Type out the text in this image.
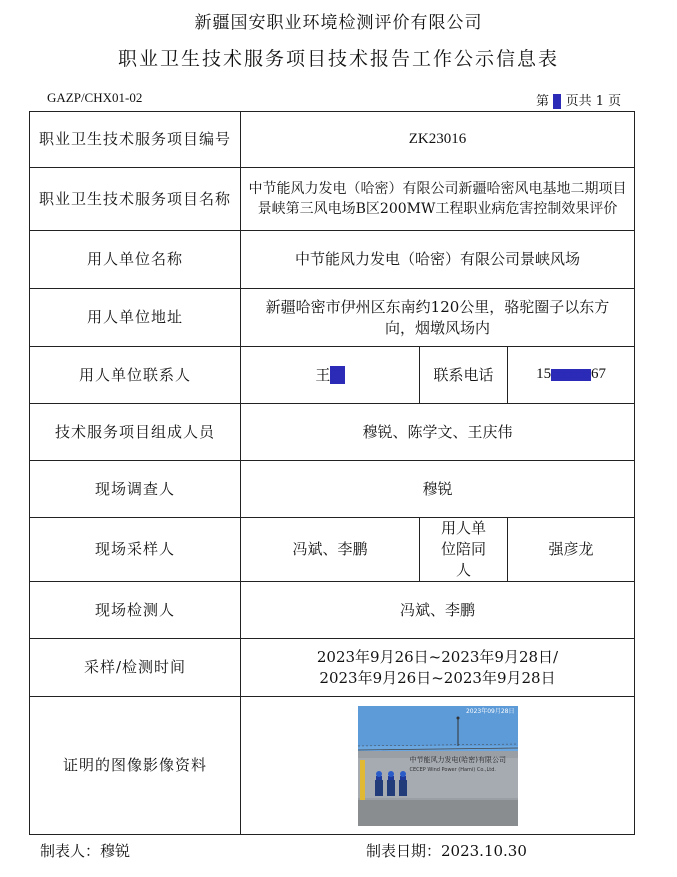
新疆国安职业环境检测评价有限公司
职业卫生技术服务项目技术报告工作公示信息表
GAZP/CHX01-02	第 1 页共 1 页
职业卫生技术服务项目编号	ZK23016		
职业卫生技术服务项目名称	中节能风力发电（哈密）有限公司新疆哈密风电基地二期项目景峡第三风电场B区200MW工程职业病危害控制效果评价		
用人单位名称	中节能风力发电（哈密）有限公司景峡风场		
用人单位地址	新疆哈密市伊州区东南约120公里，骆驼圈子以东方向，烟墩风场内		
用人单位联系人	王■	联系电话	15■■■■■■67
技术服务项目组成人员	穆锐、陈学文、王庆伟		
现场调查人	穆锐		
现场采样人	冯斌、李鹏	用人单位陪同人	强彦龙
现场检测人	冯斌、李鹏		
采样/检测时间	2023年9月26日~2023年9月28日/
2023年9月26日~2023年9月28日		

证明的图像影像资料	2023年09月28日
中节能风力发电(哈密)有限公司
CECEP Wind Power (Hami) Co.,Ltd.		
制表人：穆锐	制表日期：2023.10.30
